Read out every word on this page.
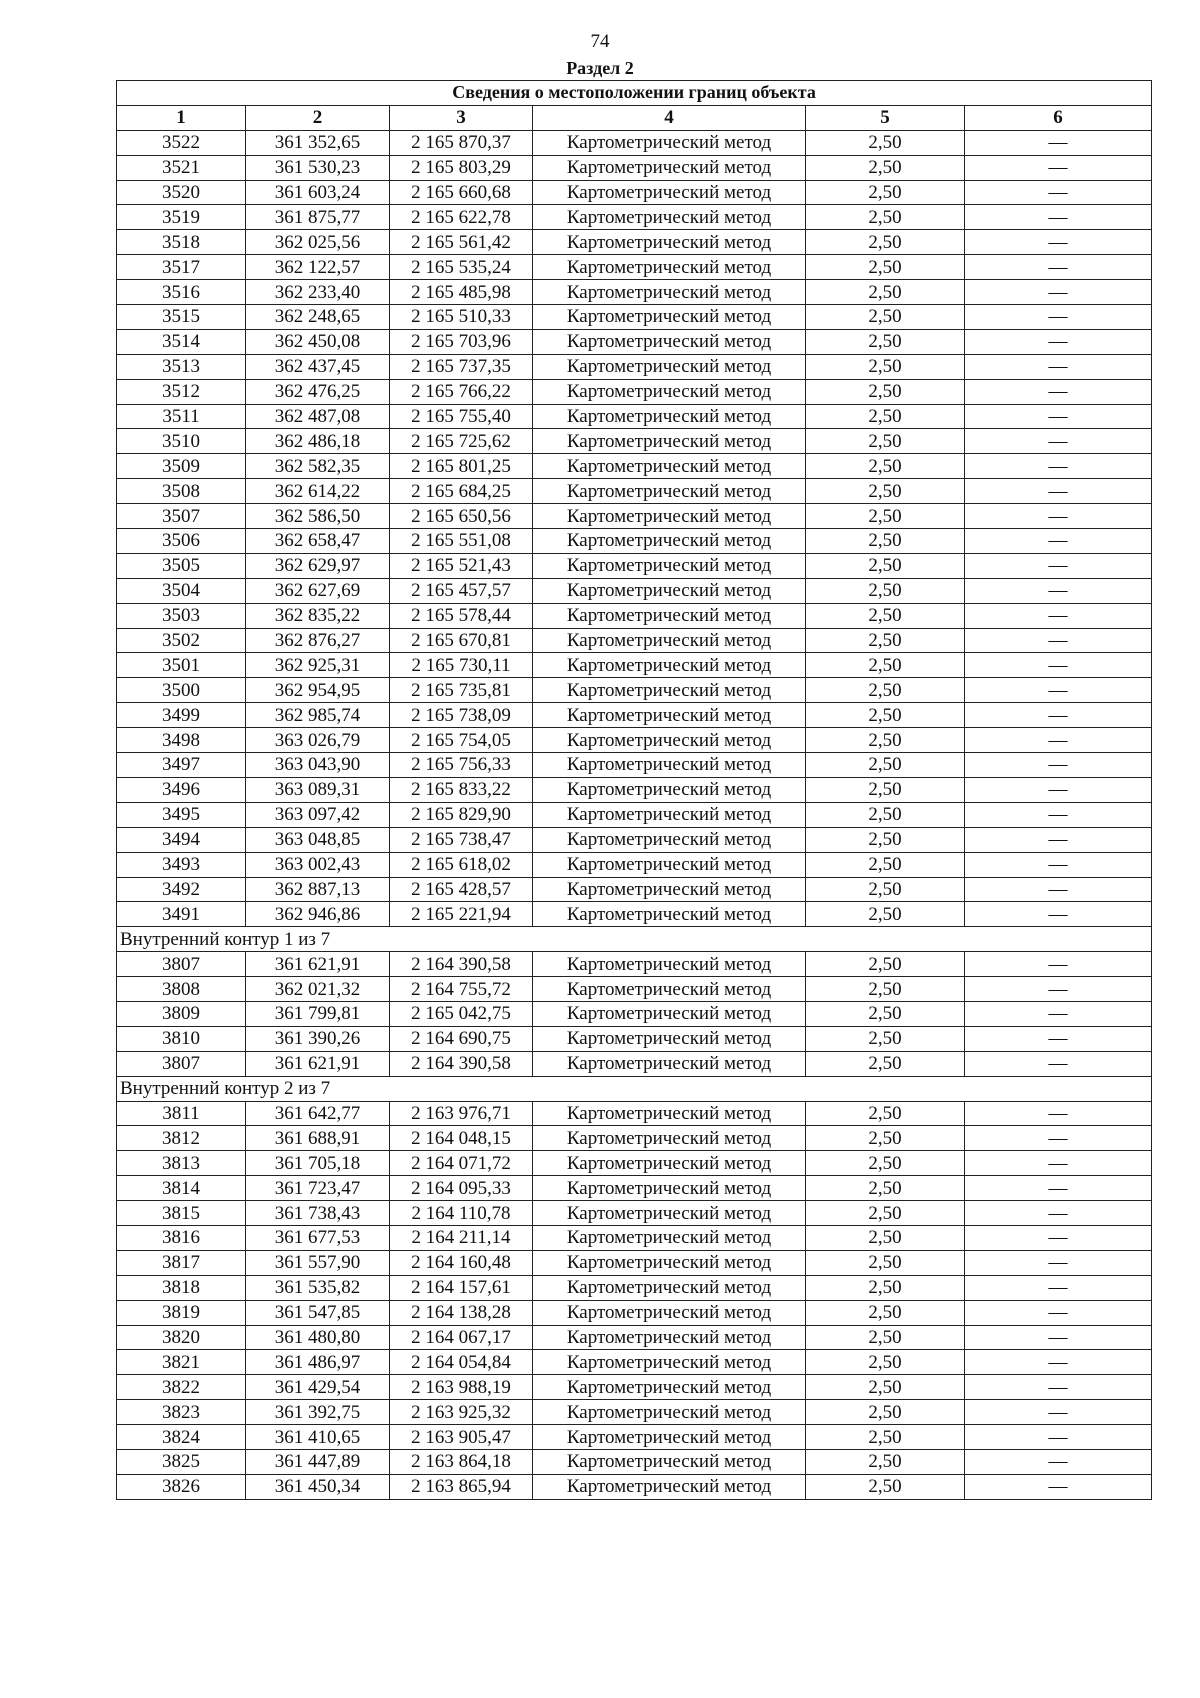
74
Раздел 2
Сведения о местоположении границ объекта					
1	2	3	4	5	6
3522	361 352,65	2 165 870,37	Картометрический метод	2,50	—
3521	361 530,23	2 165 803,29	Картометрический метод	2,50	—
3520	361 603,24	2 165 660,68	Картометрический метод	2,50	—
3519	361 875,77	2 165 622,78	Картометрический метод	2,50	—
3518	362 025,56	2 165 561,42	Картометрический метод	2,50	—
3517	362 122,57	2 165 535,24	Картометрический метод	2,50	—
3516	362 233,40	2 165 485,98	Картометрический метод	2,50	—
3515	362 248,65	2 165 510,33	Картометрический метод	2,50	—
3514	362 450,08	2 165 703,96	Картометрический метод	2,50	—
3513	362 437,45	2 165 737,35	Картометрический метод	2,50	—
3512	362 476,25	2 165 766,22	Картометрический метод	2,50	—
3511	362 487,08	2 165 755,40	Картометрический метод	2,50	—
3510	362 486,18	2 165 725,62	Картометрический метод	2,50	—
3509	362 582,35	2 165 801,25	Картометрический метод	2,50	—
3508	362 614,22	2 165 684,25	Картометрический метод	2,50	—
3507	362 586,50	2 165 650,56	Картометрический метод	2,50	—
3506	362 658,47	2 165 551,08	Картометрический метод	2,50	—
3505	362 629,97	2 165 521,43	Картометрический метод	2,50	—
3504	362 627,69	2 165 457,57	Картометрический метод	2,50	—
3503	362 835,22	2 165 578,44	Картометрический метод	2,50	—
3502	362 876,27	2 165 670,81	Картометрический метод	2,50	—
3501	362 925,31	2 165 730,11	Картометрический метод	2,50	—
3500	362 954,95	2 165 735,81	Картометрический метод	2,50	—
3499	362 985,74	2 165 738,09	Картометрический метод	2,50	—
3498	363 026,79	2 165 754,05	Картометрический метод	2,50	—
3497	363 043,90	2 165 756,33	Картометрический метод	2,50	—
3496	363 089,31	2 165 833,22	Картометрический метод	2,50	—
3495	363 097,42	2 165 829,90	Картометрический метод	2,50	—
3494	363 048,85	2 165 738,47	Картометрический метод	2,50	—
3493	363 002,43	2 165 618,02	Картометрический метод	2,50	—
3492	362 887,13	2 165 428,57	Картометрический метод	2,50	—
3491	362 946,86	2 165 221,94	Картометрический метод	2,50	—
Внутренний контур 1 из 7					
3807	361 621,91	2 164 390,58	Картометрический метод	2,50	—
3808	362 021,32	2 164 755,72	Картометрический метод	2,50	—
3809	361 799,81	2 165 042,75	Картометрический метод	2,50	—
3810	361 390,26	2 164 690,75	Картометрический метод	2,50	—
3807	361 621,91	2 164 390,58	Картометрический метод	2,50	—
Внутренний контур 2 из 7					
3811	361 642,77	2 163 976,71	Картометрический метод	2,50	—
3812	361 688,91	2 164 048,15	Картометрический метод	2,50	—
3813	361 705,18	2 164 071,72	Картометрический метод	2,50	—
3814	361 723,47	2 164 095,33	Картометрический метод	2,50	—
3815	361 738,43	2 164 110,78	Картометрический метод	2,50	—
3816	361 677,53	2 164 211,14	Картометрический метод	2,50	—
3817	361 557,90	2 164 160,48	Картометрический метод	2,50	—
3818	361 535,82	2 164 157,61	Картометрический метод	2,50	—
3819	361 547,85	2 164 138,28	Картометрический метод	2,50	—
3820	361 480,80	2 164 067,17	Картометрический метод	2,50	—
3821	361 486,97	2 164 054,84	Картометрический метод	2,50	—
3822	361 429,54	2 163 988,19	Картометрический метод	2,50	—
3823	361 392,75	2 163 925,32	Картометрический метод	2,50	—
3824	361 410,65	2 163 905,47	Картометрический метод	2,50	—
3825	361 447,89	2 163 864,18	Картометрический метод	2,50	—
3826	361 450,34	2 163 865,94	Картометрический метод	2,50	—
